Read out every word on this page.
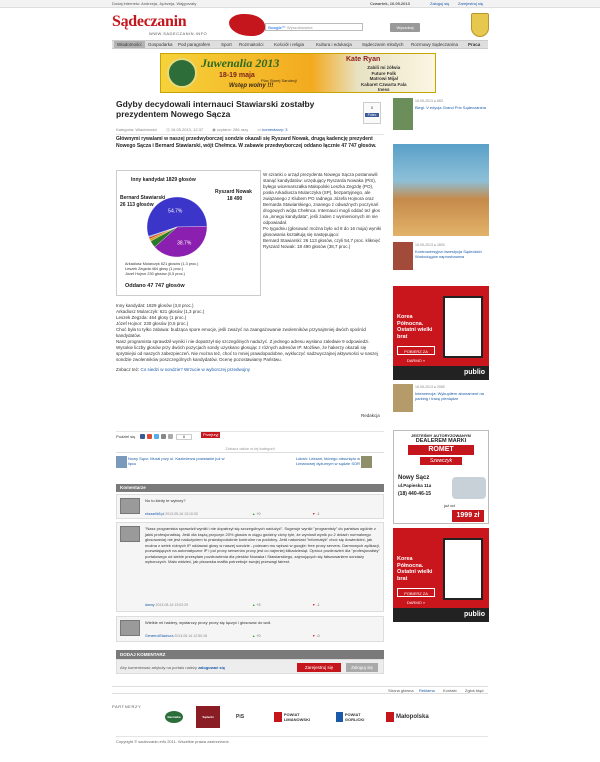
Dodaj internetu: Andrzeja, Jędrzeja, Wajgorzaty	Czwartek, 16.05.2013	Zaloguj się Zarejestruj się
Sądeczanin
WWW.SADECZANIN.INFO
Google™ Wyszukiwarka	Wyszukaj
Wiadomości	Gospodarka Pod paragrafem Sport Rozmaitości Kościół i religia	Kultura i edukacja Sądeczanin młodych Rozmowy Sądeczanina Praca
Juwenalia 2013
18-19 maja
Plac Starej Sandecji
Wstęp wolny !!!
Kate Ryan
Zabili mi żółwia
Future Folk
Matrowi Mijał
Kabaret Czwarta Fala
Iness
Gdyby decydowali internauci Stawiarski zostałby prezydentem Nowego Sącza
0
Polec
Kategoria: Wiadomości ◷ 16.05.2013, 12:37 ◉ czytane: 286 razy ▭ komentarzy: 3
Głównymi rywalami w naszej przedwyborczej sondzie okazali się Ryszard Nowak, drugą kadencję prezydent Nowego Sącza i Bernard Stawiarski, wójt Chełmca. W zabawie przedwyborczej oddano łącznie 47 747 głosów.
Inny kandydat 1829 głosów
Bernard Stawiarski
26 113 głosów
Ryszard Nowak
18 490
54.7%
38.7%
Arkadiusz Mularczyk 621 głosów (1,3 proc.)
Leszek Zegzda 464 głosy (1 proc.)
Józef Hojnor 230 głosów (0,5 proc.)
Oddano 47 747 głosów

W szranki o urząd prezydenta Nowego Sącza postanowili stanąć kandydatów: urzędujący Ryszarda Nowaka (PiS), byłego wicemarszałka Małopolski Leszka Zegzdę (PO), posła Arkadiusza Mularczyka (SP), bezpartyjnego, ale związanego z Klubem PO radnego Józefa Hojnora oraz Bernarda Stawiarskiego, znanego z odważnych poczynań drogowych wójta Chełmca. Internauci mogli oddać też głos na „innego kandydata”, jeśli żaden z wymienionych im nie odpowiadał.

Po tygodniu (głosować można było od 8 do 16 maja) wyniki głosowania kształtują się następująco:

Bernard Stawiarski: 26 113 głosów, czyli 54,7 proc. kliknięć

Ryszard Nowak: 18 490 głosów (38,7 proc.)

Inny kandydat: 1829 głosów (3,8 proc.)

Arkadiusz Mularczyk: 621 głosów (1,3 proc.)

Leszek Zegzda: 464 głosy (1 proc.)

Józef Hojnor: 230 głosów (0,5 proc.)

Choć była to tylko zabawa: budząca spore emocje, jeśli zważyć na zaangażowanie zwolenników przynajmniej dwóch spośród kandydatów.

Nasz programista sprawdził wyniki i nie dopatrzył się szczególnych nadużyć. Z jednego adresu wysłano zaledwie 9 odpowiedzi. Wysokie liczby głosów przy dwóch pozycjach sondy uzyskano głosując z różnych adresów IP. Możliwe, że hakerzy okazali się sprytniejsi od naszych zabezpieczeń. Nie można też, choć to mniej prawdopodobne, wykluczyć nadzwyczajnej aktywności w naszej sondzie zwolenników poszczególnych kandydatów. Ocenę pozostawiamy Państwu.

Zobacz też: Co siedzi w sondzie? Wrzucie w wyborczej przedwojny

Redakcja
Podziel się	8	Przejrzyj
Zobacz także w tej kategorii
Nowy Sącz: Mural przy ul. Kazimierza powstanie już w lipcu
Lubań: Leksań, którego odsunięto w Limanowej dyżurnym w sądzie SOR
Komentarze
No to kiedy te wybory?
ekszarlik5.pl 2013-05-16 13:10:33	▲ +0	▼ -1
"Nasz programista sprawdził wyniki i nie dopatrzył się szczególnych nadużyć". Sugeruje wyniki "programisty" do państwa ogólnie z jakiś profesjonalistą. Jeśli dla krążą przyczyn 20% głosów w ciągu godziny cichy tyle, że wyniosił wynik po 2 dniach normalnego głosowania) nie jest nadużyciem to prawdopodobnie kontrolne na podobny. Jeśli natomiast "informatyk" choć się dowiedzieć, jak można z setek różnych IP oddawać głosy w naszej sondzie - polecam mu wpisać w google: free proxy servers. Darmowych aplikacji, pozwalających na automatyczne IP i pul proxy serwerów proxy jest co najmniej kilkadziesiąt. Oprócz pozdrowień dla "profesjonalisty" portalowego od siebie przesyłam pozdrowienia dla pleskiw Nowaka i Stawiarskiego, zajmujących się fałszowaniem sondaży wyborczych. Mało widzieć, jak pisowska małfia potrzebuje swojej przewagi fairest.
danny 2013-05-16 13:02:29	▲ +3	▼ -1
Wielkie mi hakiery, wystarczy proxy proxy się łączyć i głosować do woli.
GeneerolStachura 2013-05-16 12:50:18	▲ +0	▼ -0
DODAJ KOMENTARZ
Aby komentować artykuły na portalu należy zalogować się	Zarejestruj się	Zaloguj się
16-05-2013 ● 683
Biegi. V edycja Grand Prix Sądeczanina
16-05-2013 ● 1804
Kontrowersyjna inwestycja Sądeckich Wodociągów naprostowana
Korea Północna. Ostatni wielki brat
POBIERZ ZA DARMO »
publio
16-05-2013 ● 2069
Interwencja: Wykupiłem abonament na parking i tracę pieniądze
JESTEŚMY AUTORYZOWANYM
DEALEREM MARKI
ROMET
Szewczyk
Nowy Sącz
ul.Papieska 11a
(18) 440-46-15
już od
1999 zł
Korea Północna. Ostatni wielki brat
POBIERZ ZA DARMO »
publio
Strona główna Reklama Kontakt Zgłoś błąd
PARTNERZY
Bacówka	Sądecki	PiS	POWIAT LIMANOWSKI
POWIAT GORLICKI	Małopolska
Copyright © sadeczanin.info 2011. Wszelkie prawa zastrzeżone.
